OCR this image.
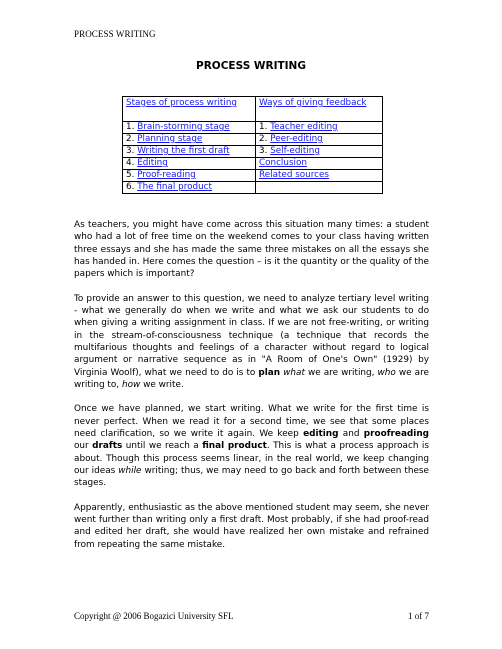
PROCESS WRITING
PROCESS WRITING
Stages of process writing	Ways of giving feedback
1. Brain-storming stage	1. Teacher editing
2. Planning stage	2. Peer-editing
3. Writing the first draft	3. Self-editing
4. Editing	Conclusion
5. Proof-reading	Related sources
6. The final product	

As teachers, you might have come across this situation many times: a student who had a lot of free time on the weekend comes to your class having written three essays and she has made the same three mistakes on all the essays she has handed in. Here comes the question – is it the quantity or the quality of the papers which is important?

To provide an answer to this question, we need to analyze tertiary level writing - what we generally do when we write and what we ask our students to do when giving a writing assignment in class. If we are not free-writing, or writing in the stream-of-consciousness technique (a technique that records the multifarious thoughts and feelings of a character without regard to logical argument or narrative sequence as in "A Room of One's Own" (1929) by Virginia Woolf), what we need to do is to plan what we are writing, who we are writing to, how we write.

Once we have planned, we start writing. What we write for the first time is never perfect. When we read it for a second time, we see that some places need clarification, so we write it again. We keep editing and proofreading our drafts until we reach a final product. This is what a process approach is about. Though this process seems linear, in the real world, we keep changing our ideas while writing; thus, we may need to go back and forth between these stages.

Apparently, enthusiastic as the above mentioned student may seem, she never went further than writing only a first draft. Most probably, if she had proof-read and edited her draft, she would have realized her own mistake and refrained from repeating the same mistake.

Copyright @ 2006 Bogazici University SFL	1 of 7
